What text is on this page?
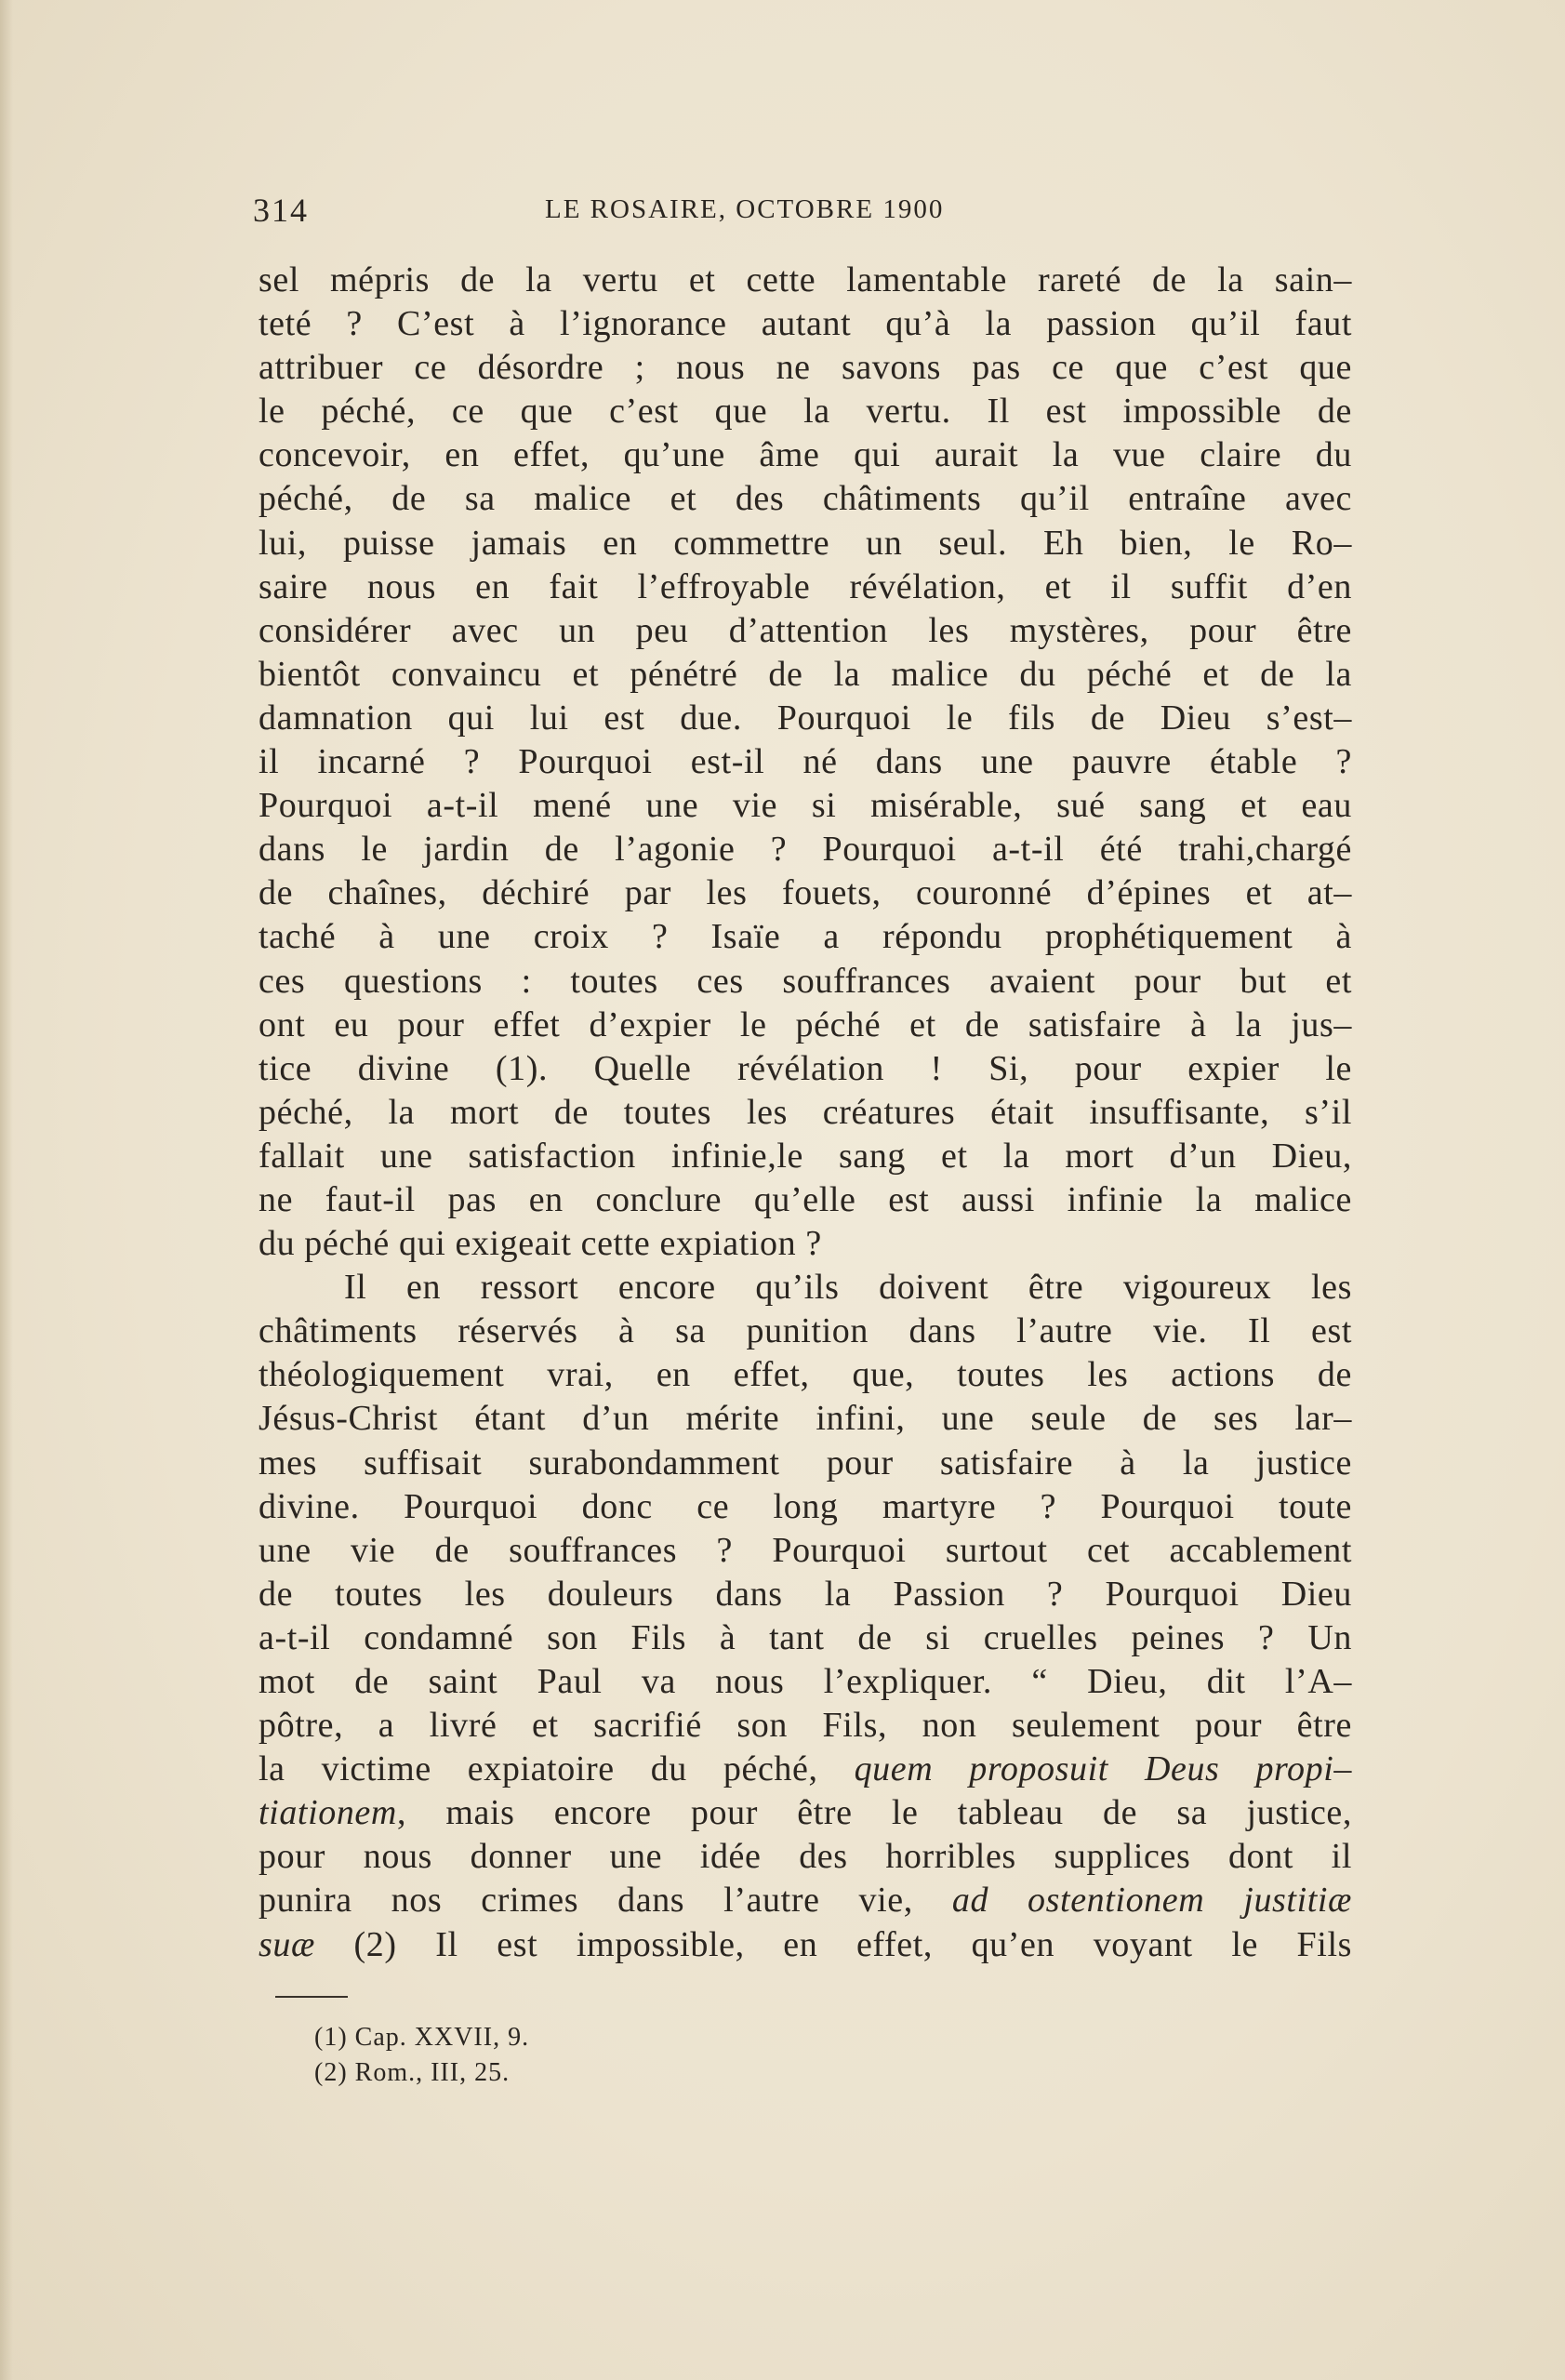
314	LE ROSAIRE, OCTOBRE 1900
sel mépris de la vertu et cette lamentable rareté de la sain–
teté ? C’est à l’ignorance autant qu’à la passion qu’il faut
attribuer ce désordre ; nous ne savons pas ce que c’est que
le péché, ce que c’est que la vertu. Il est impossible de
concevoir, en effet, qu’une âme qui aurait la vue claire du
péché, de sa malice et des châtiments qu’il entraîne avec
lui, puisse jamais en commettre un seul. Eh bien, le Ro–
saire nous en fait l’effroyable révélation, et il suffit d’en
considérer avec un peu d’attention les mystères, pour être
bientôt convaincu et pénétré de la malice du péché et de la
damnation qui lui est due. Pourquoi le fils de Dieu s’est–
il incarné ? Pourquoi est-il né dans une pauvre étable ?
Pourquoi a-t-il mené une vie si misérable, sué sang et eau
dans le jardin de l’agonie ? Pourquoi a-t-il été trahi,chargé
de chaînes, déchiré par les fouets, couronné d’épines et at–
taché à une croix ? Isaïe a répondu prophétiquement à
ces questions : toutes ces souffrances avaient pour but et
ont eu pour effet d’expier le péché et de satisfaire à la jus–
tice divine (1). Quelle révélation ! Si, pour expier le
péché, la mort de toutes les créatures était insuffisante, s’il
fallait une satisfaction infinie,le sang et la mort d’un Dieu,
ne faut-il pas en conclure qu’elle est aussi infinie la malice
du péché qui exigeait cette expiation ?
Il en ressort encore qu’ils doivent être vigoureux les
châtiments réservés à sa punition dans l’autre vie. Il est
théologiquement vrai, en effet, que, toutes les actions de
Jésus-Christ étant d’un mérite infini, une seule de ses lar–
mes suffisait surabondamment pour satisfaire à la justice
divine. Pourquoi donc ce long martyre ? Pourquoi toute
une vie de souffrances ? Pourquoi surtout cet accablement
de toutes les douleurs dans la Passion ? Pourquoi Dieu
a-t-il condamné son Fils à tant de si cruelles peines ? Un
mot de saint Paul va nous l’expliquer. “ Dieu, dit l’A–
pôtre, a livré et sacrifié son Fils, non seulement pour être
la victime expiatoire du péché, quem proposuit Deus propi–
tiationem, mais encore pour être le tableau de sa justice,
pour nous donner une idée des horribles supplices dont il
punira nos crimes dans l’autre vie, ad ostentionem justitiæ
suæ (2) Il est impossible, en effet, qu’en voyant le Fils
(1) Cap. XXVII, 9.
(2) Rom., III, 25.
